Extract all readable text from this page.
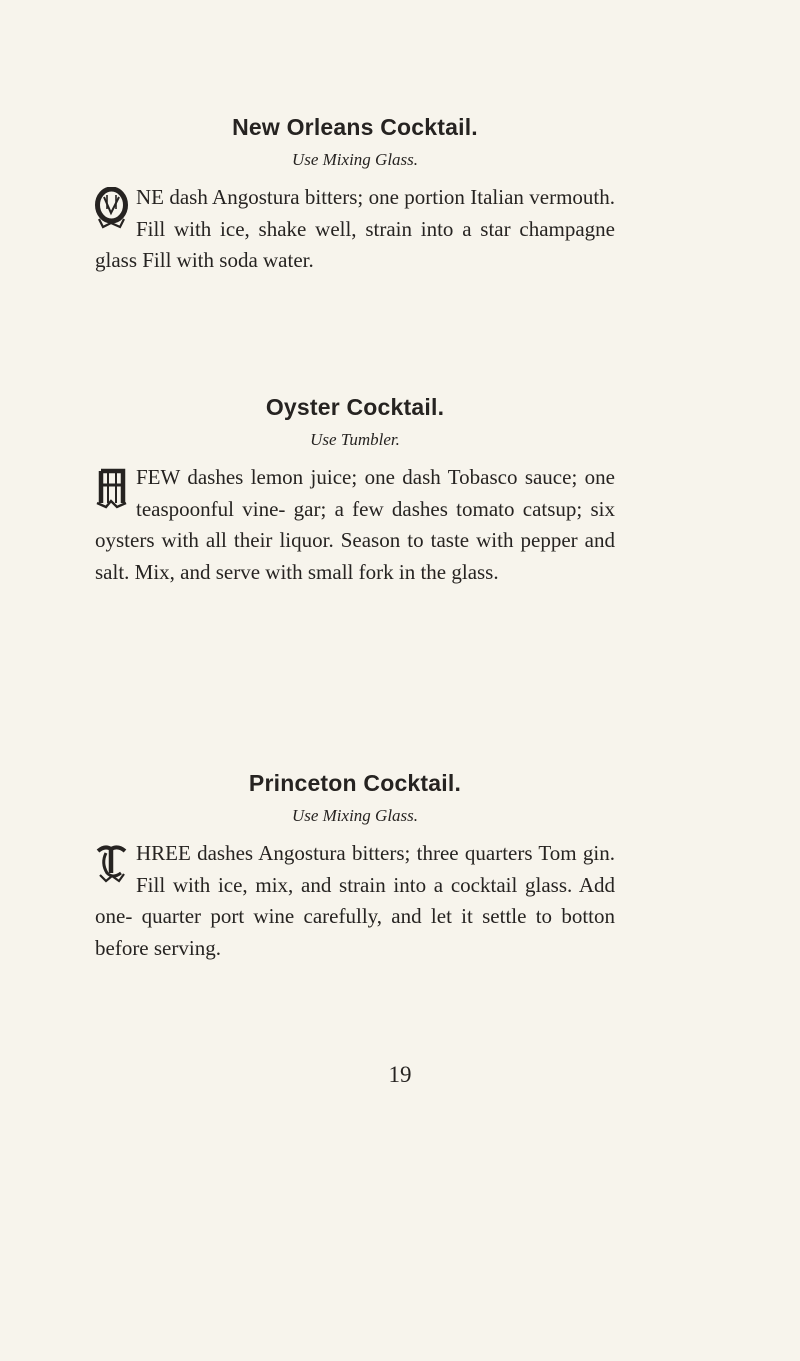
New Orleans Cocktail.

Use Mixing Glass.

NE dash Angostura bitters; one portion Italian vermouth. Fill with ice, shake well, strain into a star champagne glass Fill with soda water.
Oyster Cocktail.

Use Tumbler.

FEW dashes lemon juice; one dash Tobasco sauce; one teaspoonful vine- gar; a few dashes tomato catsup; six oysters with all their liquor. Season to taste with pepper and salt. Mix, and serve with small fork in the glass.
Princeton Cocktail.

Use Mixing Glass.

HREE dashes Angostura bitters; three quarters Tom gin. Fill with ice, mix, and strain into a cocktail glass. Add one- quarter port wine carefully, and let it settle to botton before serving.

19
